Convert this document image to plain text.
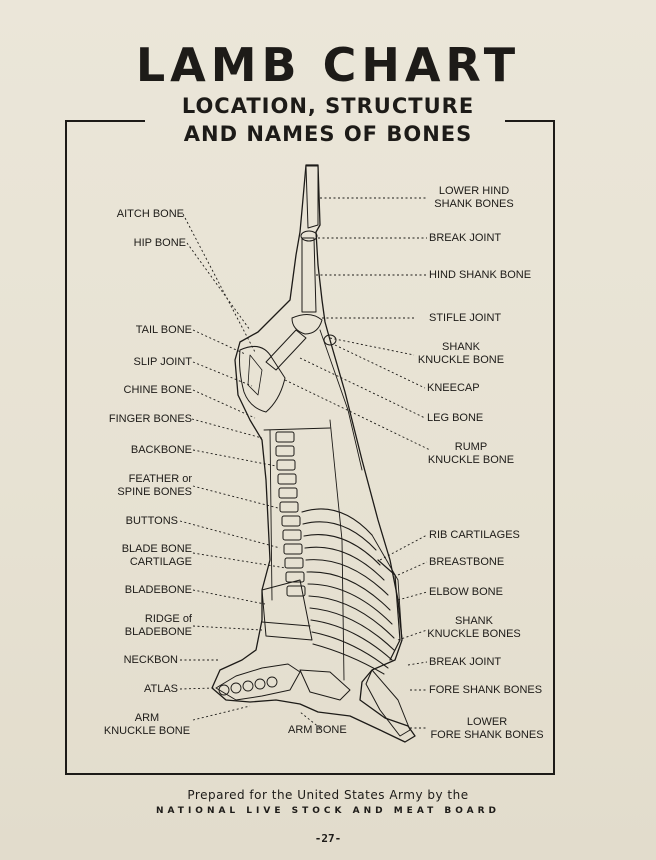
LAMB CHART
LOCATION, STRUCTURE
AND NAMES OF BONES
AITCH BONE
HIP BONE
TAIL BONE
SLIP JOINT
CHINE BONE
FINGER BONES
BACKBONE
FEATHER or
SPINE BONES
BUTTONS
BLADE BONE
CARTILAGE
BLADEBONE
RIDGE of
BLADEBONE
NECKBON
ATLAS
ARM
KNUCKLE BONE
LOWER HIND
SHANK BONES
BREAK JOINT
HIND SHANK BONE
STIFLE JOINT
SHANK
KNUCKLE BONE
KNEECAP
LEG BONE
RUMP
KNUCKLE BONE
RIB CARTILAGES
BREASTBONE
ELBOW BONE
SHANK
KNUCKLE BONES
BREAK JOINT
FORE SHANK BONES
LOWER
FORE SHANK BONES
ARM BONE
Prepared for the United States Army by the
NATIONAL LIVE STOCK AND MEAT BOARD
-27-
